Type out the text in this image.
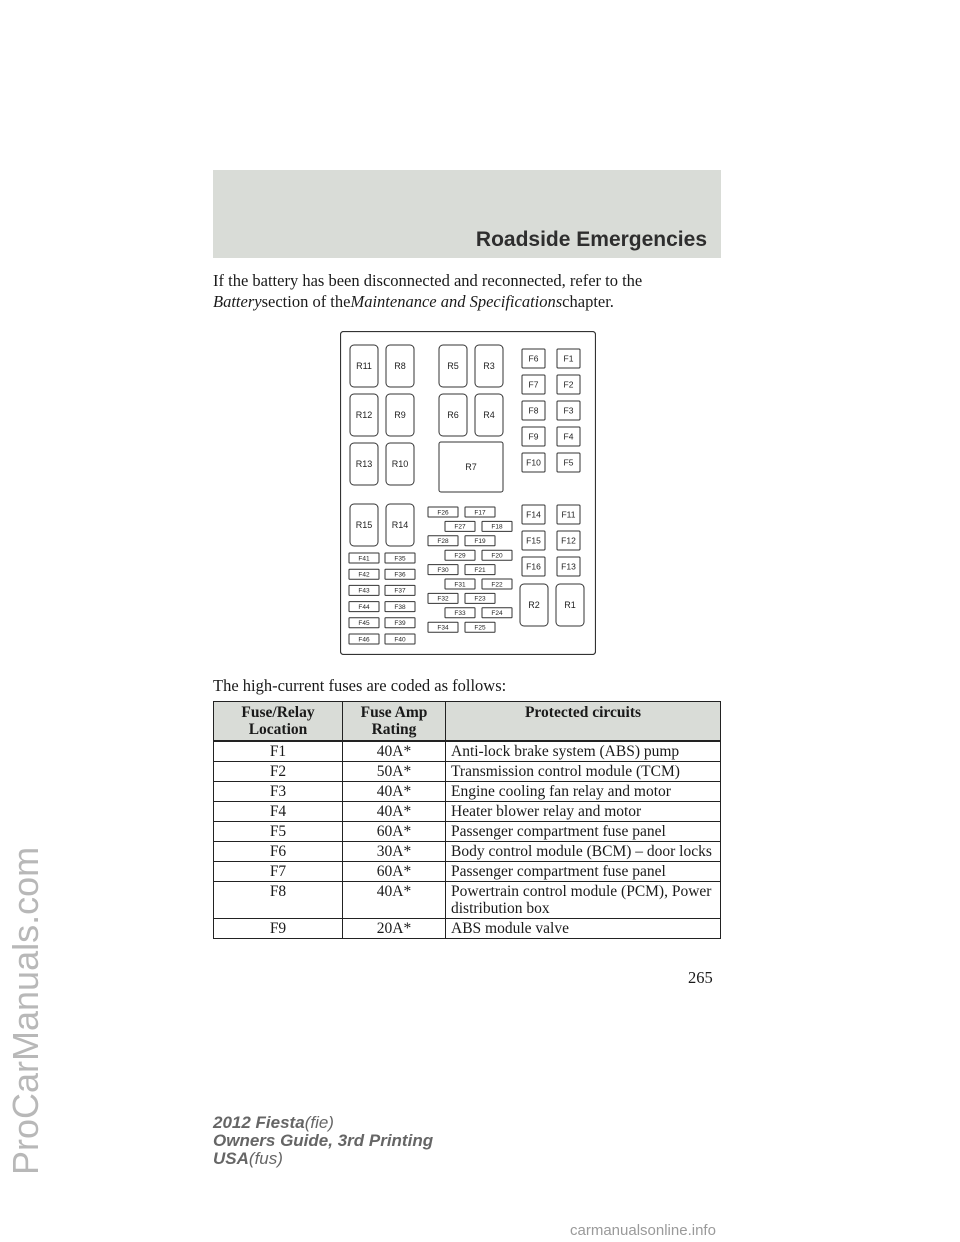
ProCarManuals.com
Roadside Emergencies
If the battery has been disconnected and reconnected, refer to the
Batterysection of theMaintenance and Specificationschapter.
R11 R8	R5	R3
R12 R9	R6	R4
R13 R10
R15 R14
R2	R1
R7
F6	F1
F7	F2
F8	F3
F9	F4
F10	F5
F14 F11
F15 F12
F16 F13
F26	F17
F27	F18
F28	F19
F29	F20
F30	F21
F31	F22
F32	F23
F33	F24
F34	F25
F41	F35
F42	F36
F43	F37
F44	F38
F45	F39
F46	F40
The high-current fuses are coded as follows:
Fuse/Relay Location	Fuse Amp Rating	Protected circuits
F1	40A*	Anti-lock brake system (ABS) pump
F2	50A*	Transmission control module (TCM)
F3	40A*	Engine cooling fan relay and motor
F4	40A*	Heater blower relay and motor
F5	60A*	Passenger compartment fuse panel
F6	30A*	Body control module (BCM) – door locks
F7	60A*	Passenger compartment fuse panel
F8	40A*	Powertrain control module (PCM), Power distribution box
F9	20A*	ABS module valve
265
2012 Fiesta(fie)
Owners Guide, 3rd Printing
USA(fus)
carmanualsonline.info
